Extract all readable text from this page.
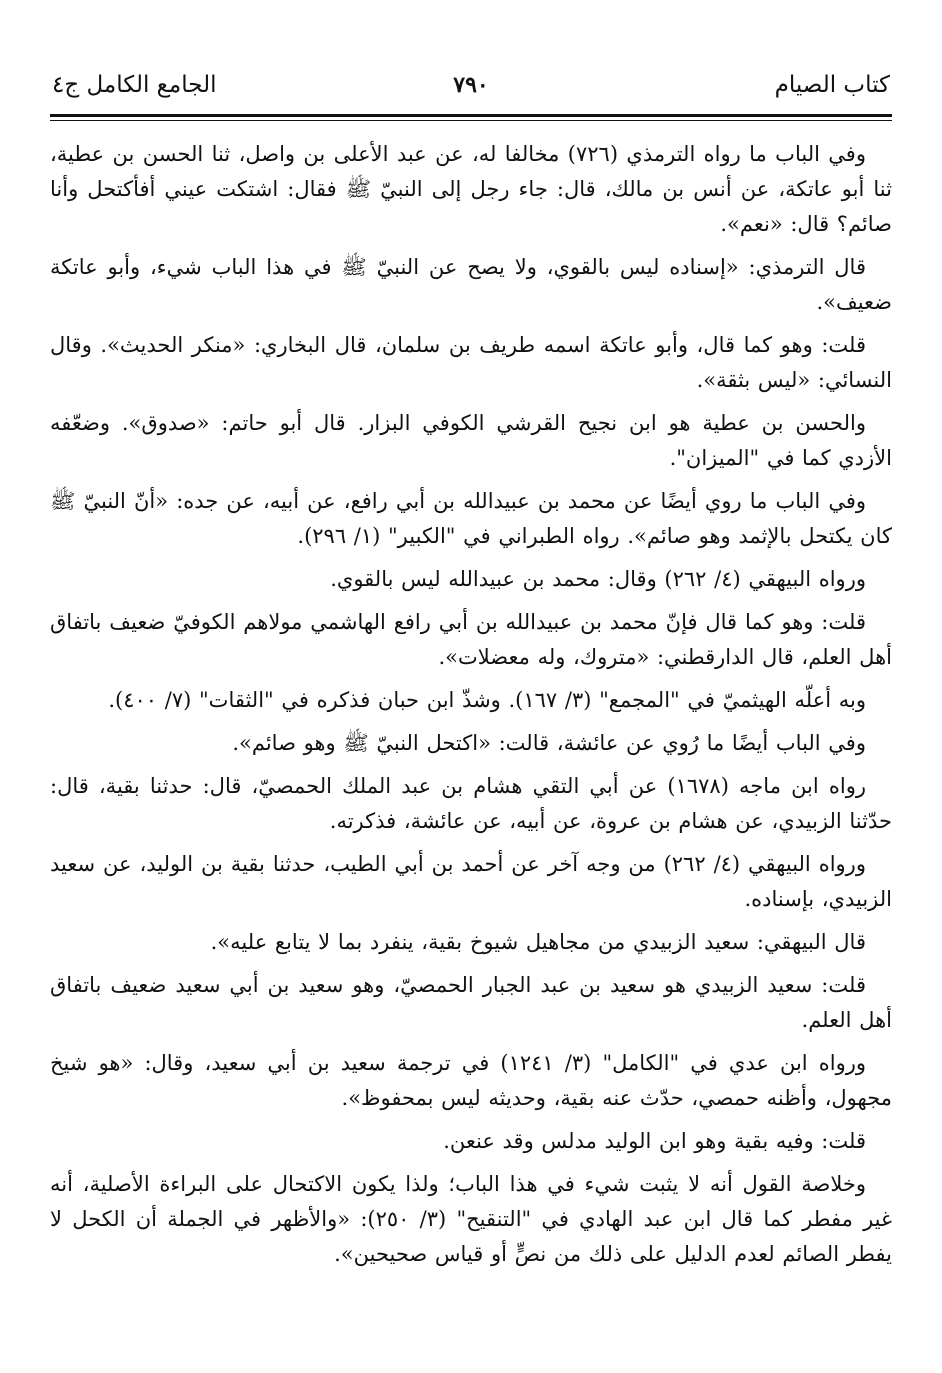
كتاب الصيام
٧٩٠
الجامع الكامل ج٤

وفي الباب ما رواه الترمذي (٧٢٦) مخالفا له، عن عبد الأعلى بن واصل، ثنا الحسن بن عطية، ثنا أبو عاتكة، عن أنس بن مالك، قال: جاء رجل إلى النبيّ ﷺ فقال: اشتكت عيني أفأكتحل وأنا صائم؟ قال: «نعم».

قال الترمذي: «إسناده ليس بالقوي، ولا يصح عن النبيّ ﷺ في هذا الباب شيء، وأبو عاتكة ضعيف».

قلت: وهو كما قال، وأبو عاتكة اسمه طريف بن سلمان، قال البخاري: «منكر الحديث». وقال النسائي: «ليس بثقة».

والحسن بن عطية هو ابن نجيح القرشي الكوفي البزار. قال أبو حاتم: «صدوق». وضعّفه الأزدي كما في "الميزان".

وفي الباب ما روي أيضًا عن محمد بن عبيدالله بن أبي رافع، عن أبيه، عن جده: «أنّ النبيّ ﷺ كان يكتحل بالإثمد وهو صائم». رواه الطبراني في "الكبير" (١/ ٢٩٦).

ورواه البيهقي (٤/ ٢٦٢) وقال: محمد بن عبيدالله ليس بالقوي.

قلت: وهو كما قال فإنّ محمد بن عبيدالله بن أبي رافع الهاشمي مولاهم الكوفيّ ضعيف باتفاق أهل العلم، قال الدارقطني: «متروك، وله معضلات».

وبه أعلّه الهيثميّ في "المجمع" (٣/ ١٦٧). وشذّ ابن حبان فذكره في "الثقات" (٧/ ٤٠٠).

وفي الباب أيضًا ما رُوي عن عائشة، قالت: «اكتحل النبيّ ﷺ وهو صائم».

رواه ابن ماجه (١٦٧٨) عن أبي التقي هشام بن عبد الملك الحمصيّ، قال: حدثنا بقية، قال: حدّثنا الزبيدي، عن هشام بن عروة، عن أبيه، عن عائشة، فذكرته.

ورواه البيهقي (٤/ ٢٦٢) من وجه آخر عن أحمد بن أبي الطيب، حدثنا بقية بن الوليد، عن سعيد الزبيدي، بإسناده.

قال البيهقي: سعيد الزبيدي من مجاهيل شيوخ بقية، ينفرد بما لا يتابع عليه».

قلت: سعيد الزبيدي هو سعيد بن عبد الجبار الحمصيّ، وهو سعيد بن أبي سعيد ضعيف باتفاق أهل العلم.

ورواه ابن عدي في "الكامل" (٣/ ١٢٤١) في ترجمة سعيد بن أبي سعيد، وقال: «هو شيخ مجهول، وأظنه حمصي، حدّث عنه بقية، وحديثه ليس بمحفوظ».

قلت: وفيه بقية وهو ابن الوليد مدلس وقد عنعن.

وخلاصة القول أنه لا يثبت شيء في هذا الباب؛ ولذا يكون الاكتحال على البراءة الأصلية، أنه غير مفطر كما قال ابن عبد الهادي في "التنقيح" (٣/ ٢٥٠): «والأظهر في الجملة أن الكحل لا يفطر الصائم لعدم الدليل على ذلك من نصٍّ أو قياس صحيحين».
